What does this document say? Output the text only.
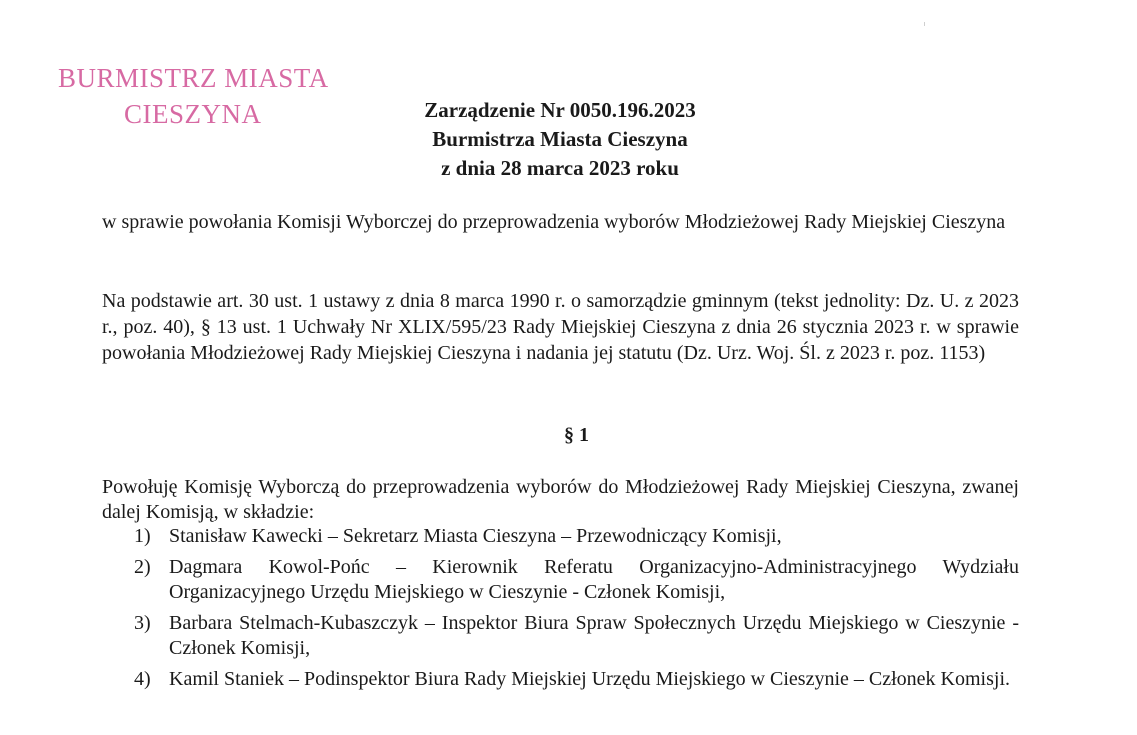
BURMISTRZ MIASTA
CIESZYNA	Zarządzenie Nr 0050.196.2023
Burmistrza Miasta Cieszyna
z dnia 28 marca 2023 roku
w sprawie powołania Komisji Wyborczej do przeprowadzenia wyborów Młodzieżowej Rady Miejskiej Cieszyna
Na podstawie art. 30 ust. 1 ustawy z dnia 8 marca 1990 r. o samorządzie gminnym (tekst jednolity: Dz. U. z 2023 r., poz. 40), § 13 ust. 1 Uchwały Nr XLIX/595/23 Rady Miejskiej Cieszyna z dnia 26 stycznia 2023 r. w sprawie powołania Młodzieżowej Rady Miejskiej Cieszyna i nadania jej statutu (Dz. Urz. Woj. Śl. z 2023 r. poz. 1153)
§ 1
Powołuję Komisję Wyborczą do przeprowadzenia wyborów do Młodzieżowej Rady Miejskiej Cieszyna, zwanej dalej Komisją, w składzie:
1) Stanisław Kawecki – Sekretarz Miasta Cieszyna – Przewodniczący Komisji,
2) Dagmara Kowol-Pońc – Kierownik Referatu Organizacyjno-Administracyjnego Wydziału Organizacyjnego Urzędu Miejskiego w Cieszynie - Członek Komisji,
3) Barbara Stelmach-Kubaszczyk – Inspektor Biura Spraw Społecznych Urzędu Miejskiego w Cieszynie - Członek Komisji,
4) Kamil Staniek – Podinspektor Biura Rady Miejskiej Urzędu Miejskiego w Cieszynie – Członek Komisji.
